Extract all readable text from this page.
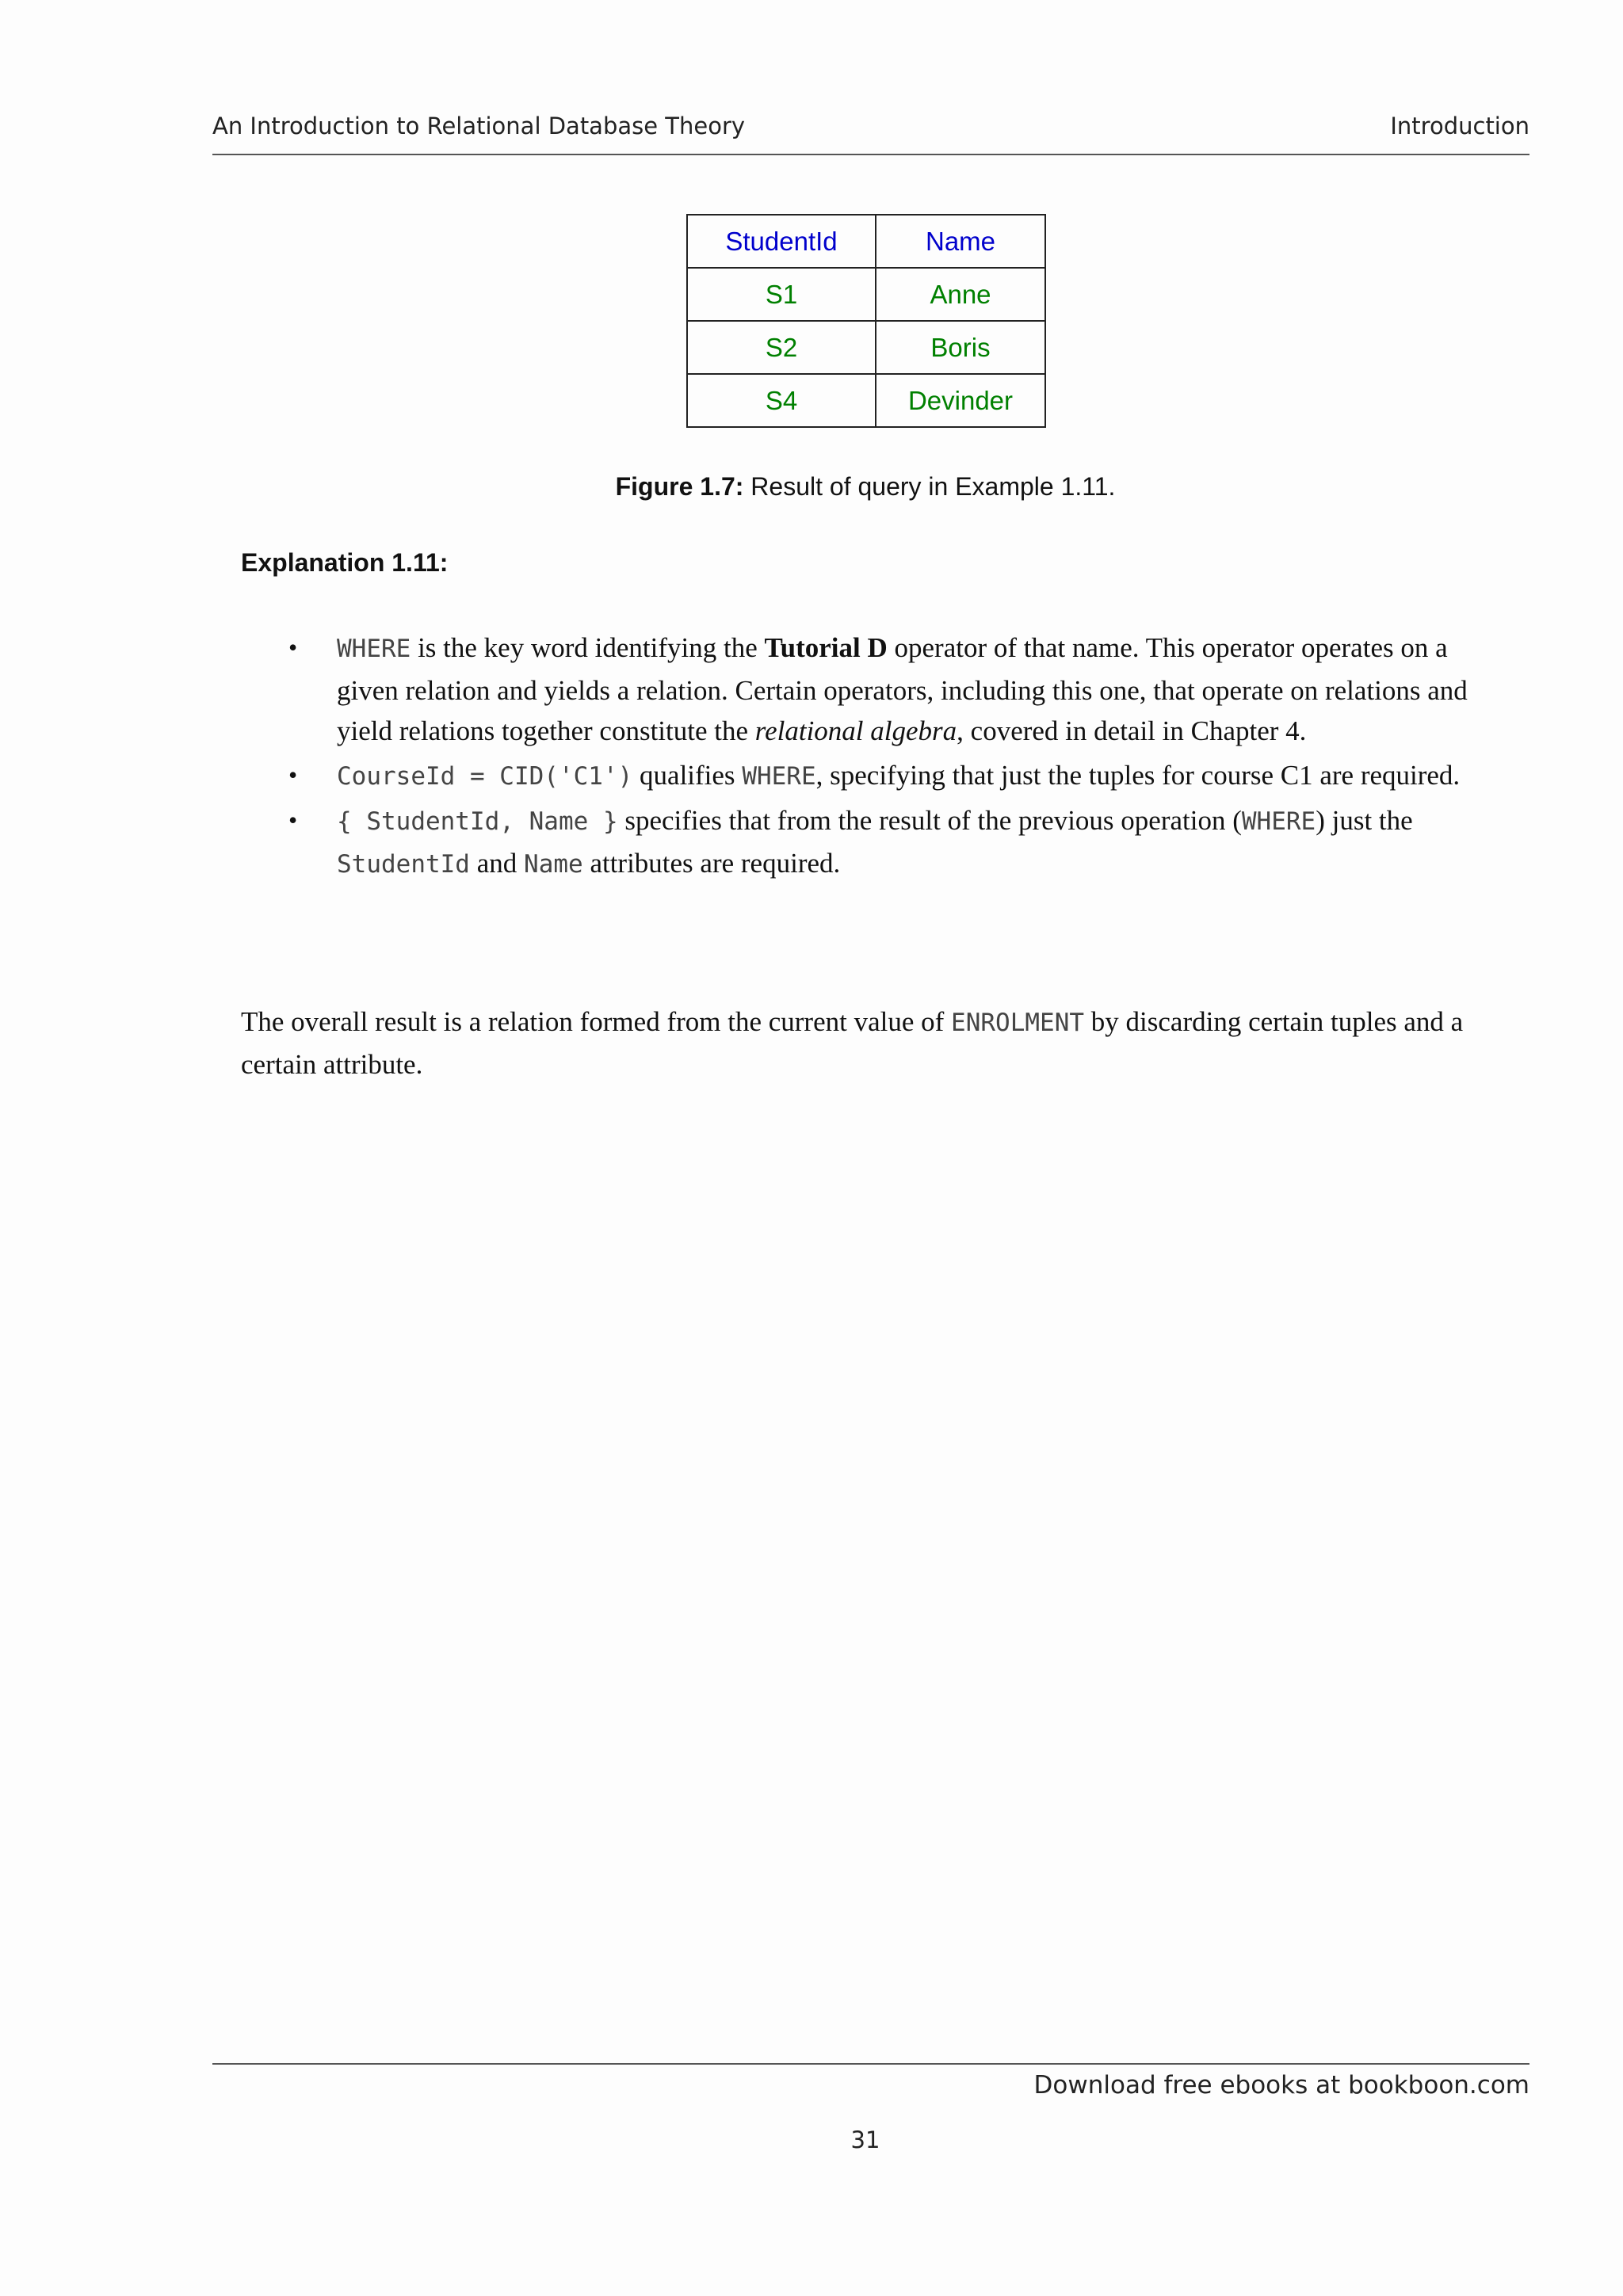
An Introduction to Relational Database Theory	Introduction
StudentId	Name
S1	Anne
S2	Boris
S4	Devinder
Figure 1.7: Result of query in Example 1.11.
Explanation 1.11:
• WHERE is the key word identifying the Tutorial D operator of that name. This operator operates on a given relation and yields a relation. Certain operators, including this one, that operate on relations and yield relations together constitute the relational algebra, covered in detail in Chapter 4.
• CourseId = CID('C1') qualifies WHERE, specifying that just the tuples for course C1 are required.
• { StudentId, Name } specifies that from the result of the previous operation (WHERE) just the StudentId and Name attributes are required.
The overall result is a relation formed from the current value of ENROLMENT by discarding certain tuples and a certain attribute.
Download free ebooks at bookboon.com
31
